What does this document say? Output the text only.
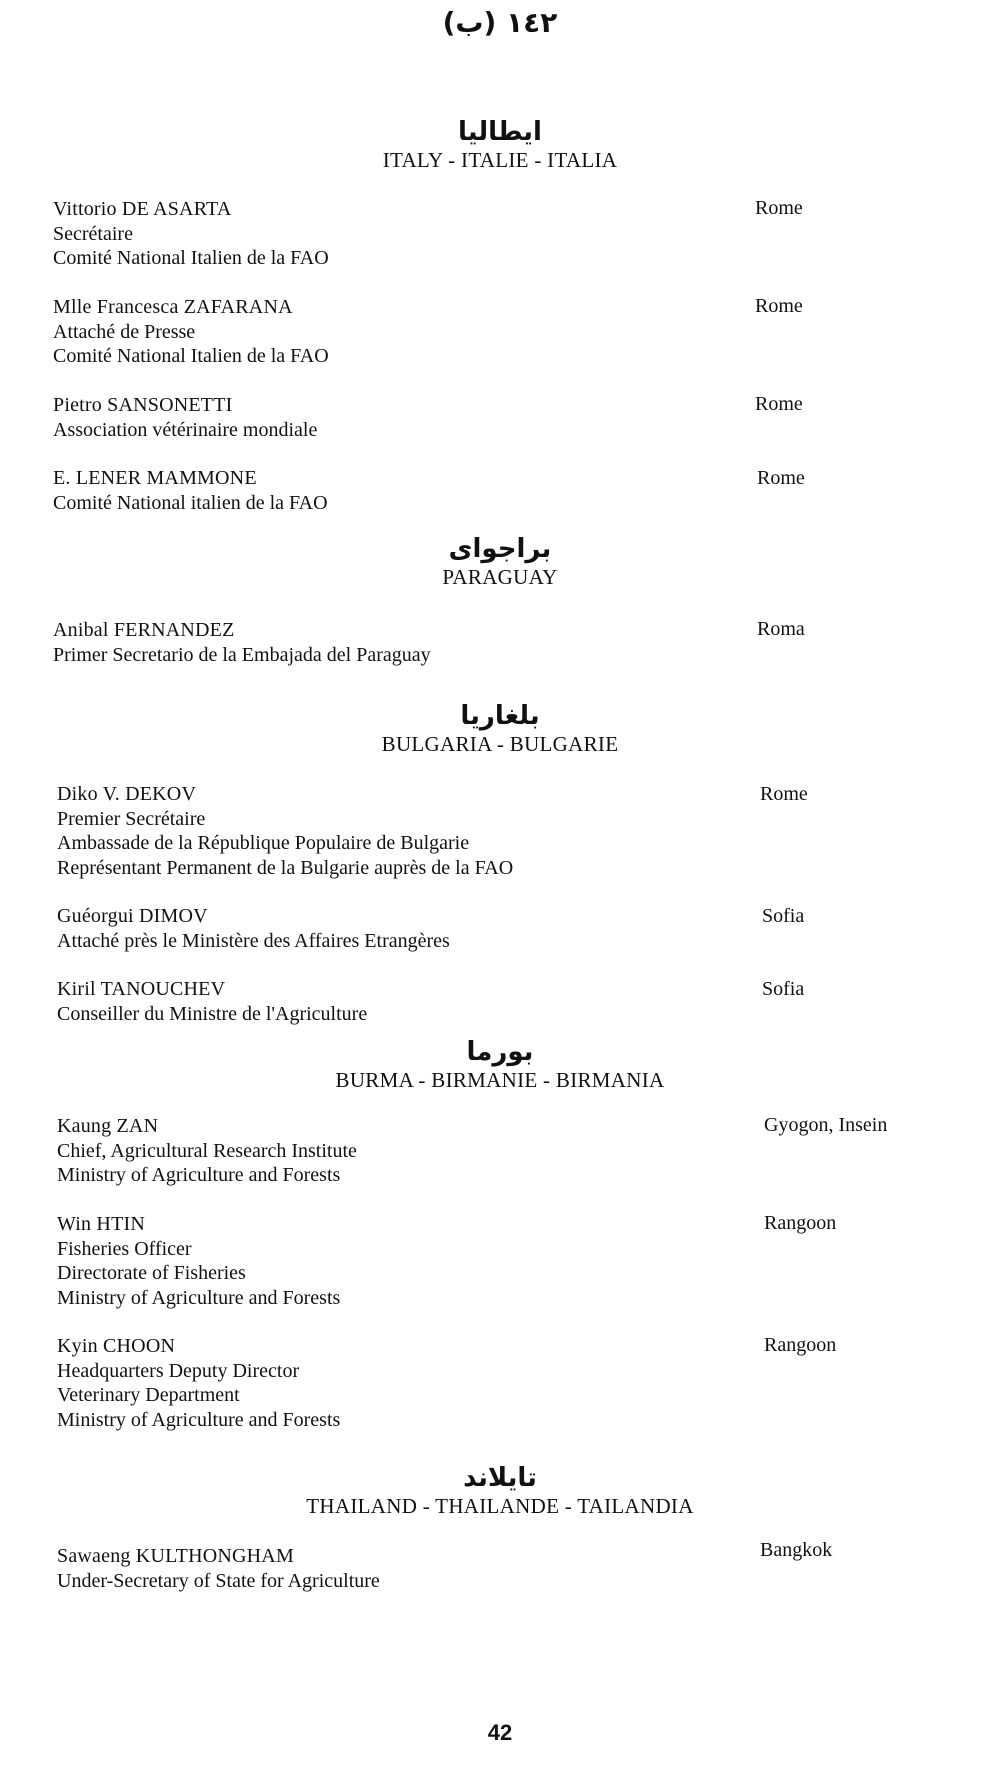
١٤٢ (ب)
ايطاليا
ITALY - ITALIE - ITALIA
Vittorio DE ASARTA
Secrétaire
Comité National Italien de la FAO
Rome
Mlle Francesca ZAFARANA
Attaché de Presse
Comité National Italien de la FAO
Rome
Pietro SANSONETTI
Association vétérinaire mondiale
Rome
E. LENER MAMMONE
Comité National italien de la FAO
Rome
براجواى
PARAGUAY
Anibal FERNANDEZ
Primer Secretario de la Embajada del Paraguay
Roma
بلغاريا
BULGARIA - BULGARIE
Diko V. DEKOV
Premier Secrétaire
Ambassade de la République Populaire de Bulgarie
Représentant Permanent de la Bulgarie auprès de la FAO
Rome
Guéorgui DIMOV
Attaché près le Ministère des Affaires Etrangères
Sofia
Kiril TANOUCHEV
Conseiller du Ministre de l'Agriculture
Sofia
بورما
BURMA - BIRMANIE - BIRMANIA
Kaung ZAN
Chief, Agricultural Research Institute
Ministry of Agriculture and Forests
Gyogon, Insein
Win HTIN
Fisheries Officer
Directorate of Fisheries
Ministry of Agriculture and Forests
Rangoon
Kyin CHOON
Headquarters Deputy Director
Veterinary Department
Ministry of Agriculture and Forests
Rangoon
تايلاند
THAILAND - THAILANDE - TAILANDIA
Sawaeng KULTHONGHAM
Under-Secretary of State for Agriculture
Bangkok
42
